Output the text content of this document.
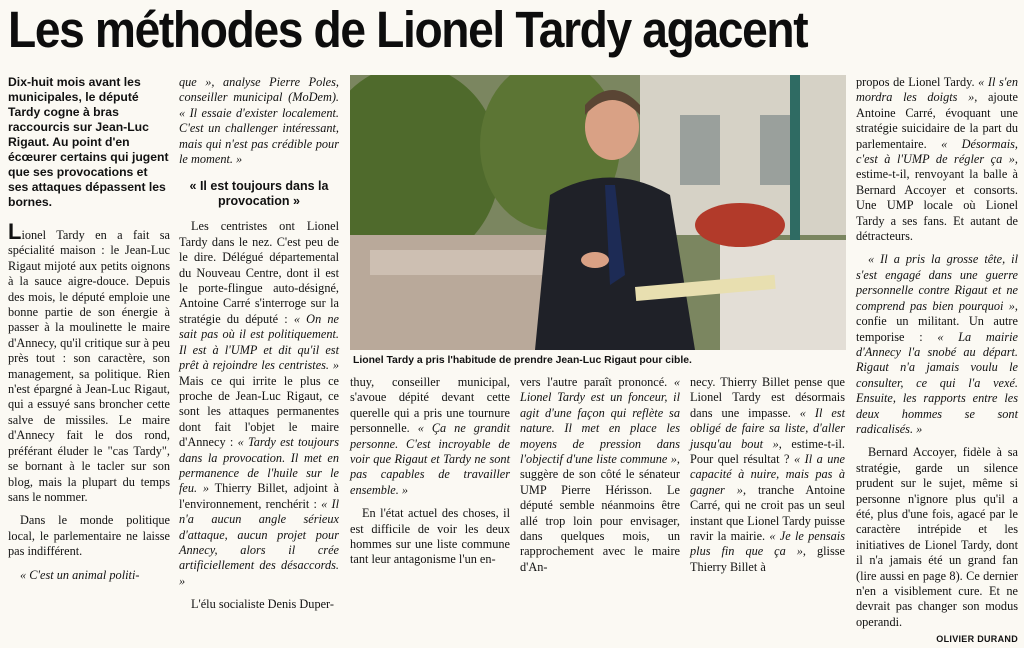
Les méthodes de Lionel Tardy agacent

Dix-huit mois avant les municipales, le député Tardy cogne à bras raccourcis sur Jean-Luc Rigaut. Au point d'en écœurer certains qui jugent que ses provocations et ses attaques dépassent les bornes.

Lionel Tardy en a fait sa spécialité maison : le Jean-Luc Rigaut mijoté aux petits oignons à la sauce aigre-douce. Depuis des mois, le député emploie une bonne partie de son énergie à passer à la moulinette le maire d'Annecy, qu'il critique sur à peu près tout : son caractère, son management, sa politique. Rien n'est épargné à Jean-Luc Rigaut, qui a essuyé sans broncher cette salve de missiles. Le maire d'Annecy fait le dos rond, préférant éluder le "cas Tardy", se bornant à le tacler sur son blog, mais la plupart du temps sans le nommer.

Dans le monde politique local, le parlementaire ne laisse pas indifférent.

« C'est un animal politi-

que », analyse Pierre Poles, conseiller municipal (MoDem). « Il essaie d'exister localement. C'est un challenger intéressant, mais qui n'est pas crédible pour le moment. »

« Il est toujours dans la provocation »

Les centristes ont Lionel Tardy dans le nez. C'est peu de le dire. Délégué départemental du Nouveau Centre, dont il est le porte-flingue auto-désigné, Antoine Carré s'interroge sur la stratégie du député : « On ne sait pas où il est politiquement. Il est à l'UMP et dit qu'il est prêt à rejoindre les centristes. » Mais ce qui irrite le plus ce proche de Jean-Luc Rigaut, ce sont les attaques permanentes dont fait l'objet le maire d'Annecy : « Tardy est toujours dans la provocation. Il met en permanence de l'huile sur le feu. » Thierry Billet, adjoint à l'environnement, renchérit : « Il n'a aucun angle sérieux d'attaque, aucun projet pour Annecy, alors il crée artificiellement des désaccords. »

L'élu socialiste Denis Duper-

Lionel Tardy a pris l'habitude de prendre Jean-Luc Rigaut pour cible.

thuy, conseiller municipal, s'avoue dépité devant cette querelle qui a pris une tournure personnelle. « Ça ne grandit personne. C'est incroyable de voir que Rigaut et Tardy ne sont pas capables de travailler ensemble. »

En l'état actuel des choses, il est difficile de voir les deux hommes sur une liste commune tant leur antagonisme l'un en-

vers l'autre paraît prononcé. « Lionel Tardy est un fonceur, il agit d'une façon qui reflète sa nature. Il met en place les moyens de pression dans l'objectif d'une liste commune », suggère de son côté le sénateur UMP Pierre Hérisson. Le député semble néanmoins être allé trop loin pour envisager, dans quelques mois, un rapprochement avec le maire d'An-

necy. Thierry Billet pense que Lionel Tardy est désormais dans une impasse. « Il est obligé de faire sa liste, d'aller jusqu'au bout », estime-t-il. Pour quel résultat ? « Il a une capacité à nuire, mais pas à gagner », tranche Antoine Carré, qui ne croit pas un seul instant que Lionel Tardy puisse ravir la mairie. « Je le pensais plus fin que ça », glisse Thierry Billet à

propos de Lionel Tardy. « Il s'en mordra les doigts », ajoute Antoine Carré, évoquant une stratégie suicidaire de la part du parlementaire. « Désormais, c'est à l'UMP de régler ça », estime-t-il, renvoyant la balle à Bernard Accoyer et consorts. Une UMP locale où Lionel Tardy a ses fans. Et autant de détracteurs.

« Il a pris la grosse tête, il s'est engagé dans une guerre personnelle contre Rigaut et ne comprend pas bien pourquoi », confie un militant. Un autre temporise : « La mairie d'Annecy l'a snobé au départ. Rigaut n'a jamais voulu le consulter, ce qui l'a vexé. Ensuite, les rapports entre les deux hommes se sont radicalisés. »

Bernard Accoyer, fidèle à sa stratégie, garde un silence prudent sur le sujet, même si personne n'ignore plus qu'il a été, plus d'une fois, agacé par le caractère intrépide et les initiatives de Lionel Tardy, dont il n'a jamais été un grand fan (lire aussi en page 8). Ce dernier n'en a visiblement cure. Et ne devrait pas changer son modus operandi.

OLIVIER DURAND
